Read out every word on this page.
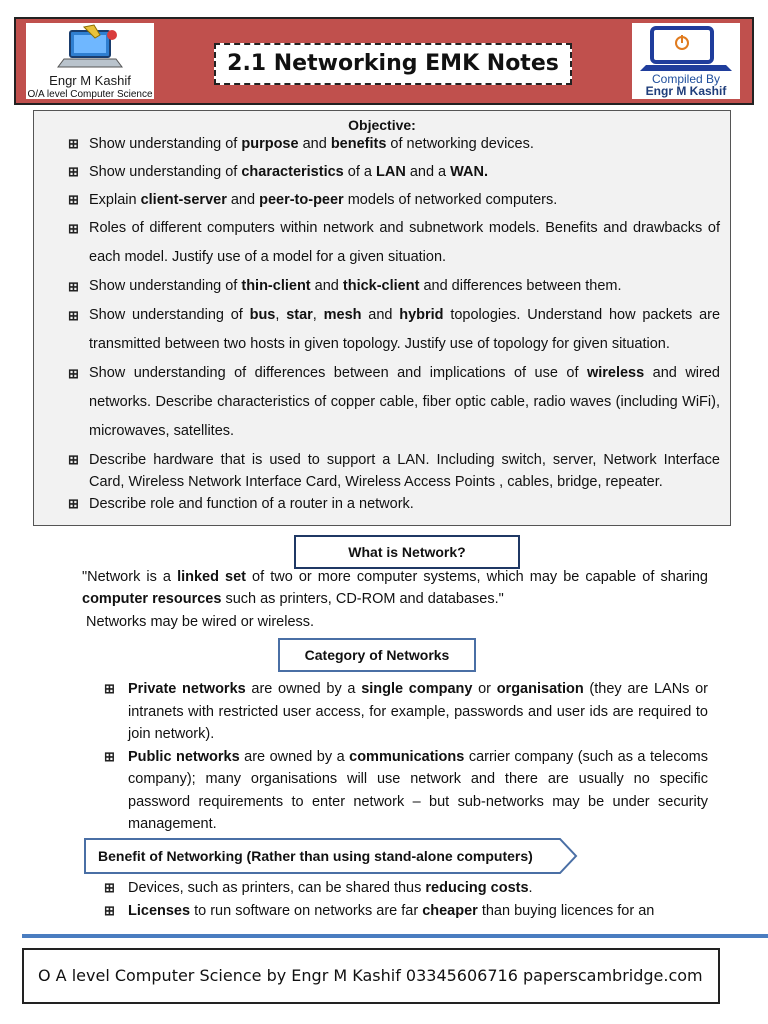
Engr M Kashif
O/A level Computer Science
2.1 Networking EMK Notes
Compiled By
Engr M Kashif
Objective:
⊞ Show understanding of purpose and benefits of networking devices.
⊞ Show understanding of characteristics of a LAN and a WAN.
⊞ Explain client-server and peer-to-peer models of networked computers.
⊞ Roles of different computers within network and subnetwork models. Benefits and drawbacks of each model. Justify use of a model for a given situation.
⊞ Show understanding of thin-client and thick-client and differences between them.
⊞ Show understanding of bus, star, mesh and hybrid topologies. Understand how packets are transmitted between two hosts in given topology. Justify use of topology for given situation.
⊞ Show understanding of differences between and implications of use of wireless and wired networks. Describe characteristics of copper cable, fiber optic cable, radio waves (including WiFi), microwaves, satellites.
⊞ Describe hardware that is used to support a LAN. Including switch, server, Network Interface Card, Wireless Network Interface Card, Wireless Access Points , cables, bridge, repeater.
⊞ Describe role and function of a router in a network.
What is Network?
"Network is a linked set of two or more computer systems, which may be capable of sharing computer resources such as printers, CD-ROM and databases."
Networks may be wired or wireless.
Category of Networks
⊞ Private networks are owned by a single company or organisation (they are LANs or intranets with restricted user access, for example, passwords and user ids are required to join network).
⊞ Public networks are owned by a communications carrier company (such as a telecoms company); many organisations will use network and there are usually no specific password requirements to enter network – but sub-networks may be under security management.
Benefit of Networking (Rather than using stand-alone computers)
⊞ Devices, such as printers, can be shared thus reducing costs.
⊞ Licenses to run software on networks are far cheaper than buying licences for an
O A level Computer Science by Engr M Kashif 03345606716 paperscambridge.com
